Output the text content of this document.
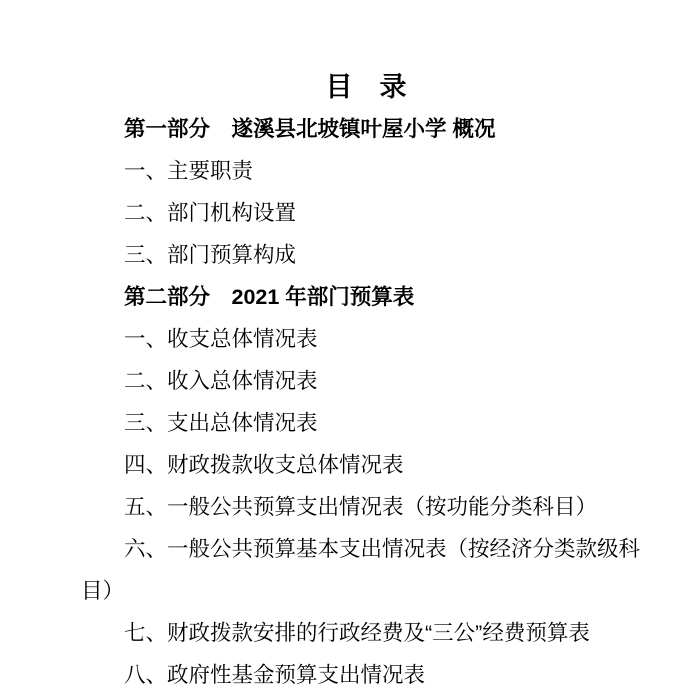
目　录
第一部分　遂溪县北坡镇叶屋小学 概况
一、主要职责
二、部门机构设置
三、部门预算构成
第二部分　2021 年部门预算表
一、收支总体情况表
二、收入总体情况表
三、支出总体情况表
四、财政拨款收支总体情况表
五、一般公共预算支出情况表（按功能分类科目）
六、一般公共预算基本支出情况表（按经济分类款级科目）
七、财政拨款安排的行政经费及“三公”经费预算表
八、政府性基金预算支出情况表
